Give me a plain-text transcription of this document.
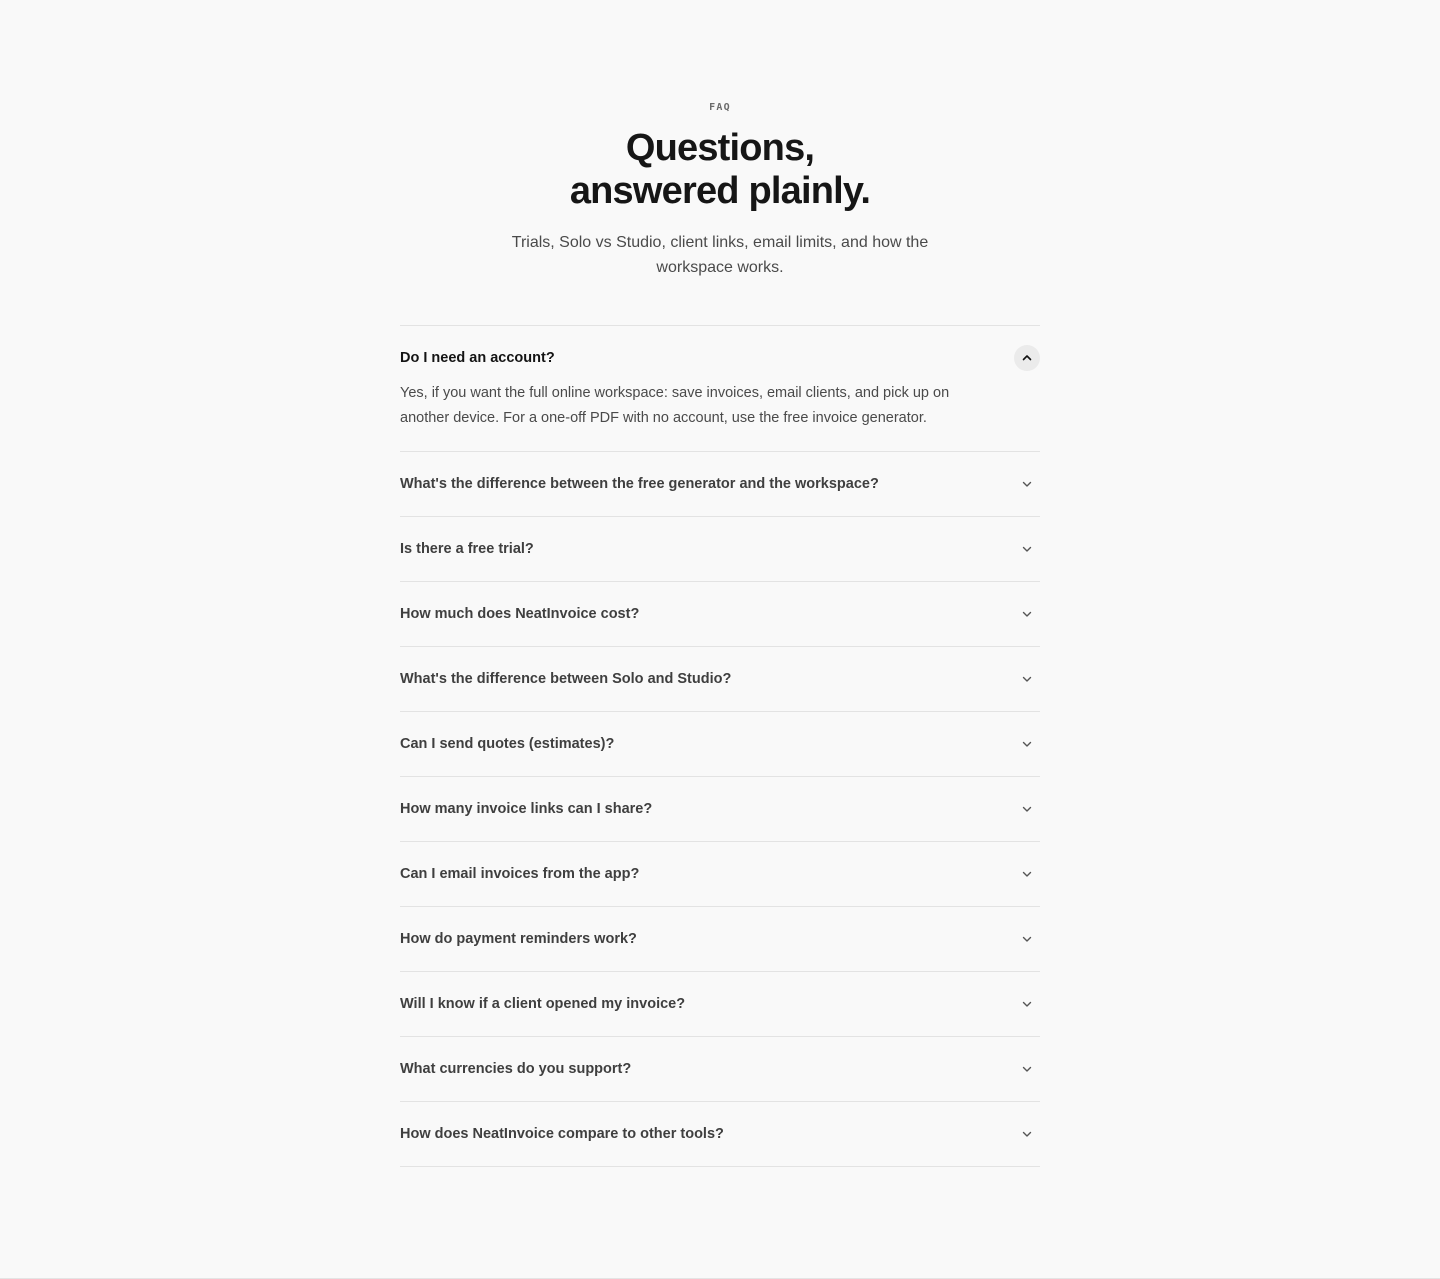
FAQ

Questions,
answered plainly.

Trials, Solo vs Studio, client links, email limits, and how the workspace works.

Do I need an account?

Yes, if you want the full online workspace: save invoices, email clients, and pick up on another device. For a one-off PDF with no account, use the free invoice generator.

What's the difference between the free generator and the workspace?
Is there a free trial?
How much does NeatInvoice cost?
What's the difference between Solo and Studio?
Can I send quotes (estimates)?
How many invoice links can I share?
Can I email invoices from the app?
How do payment reminders work?
Will I know if a client opened my invoice?
What currencies do you support?
How does NeatInvoice compare to other tools?
